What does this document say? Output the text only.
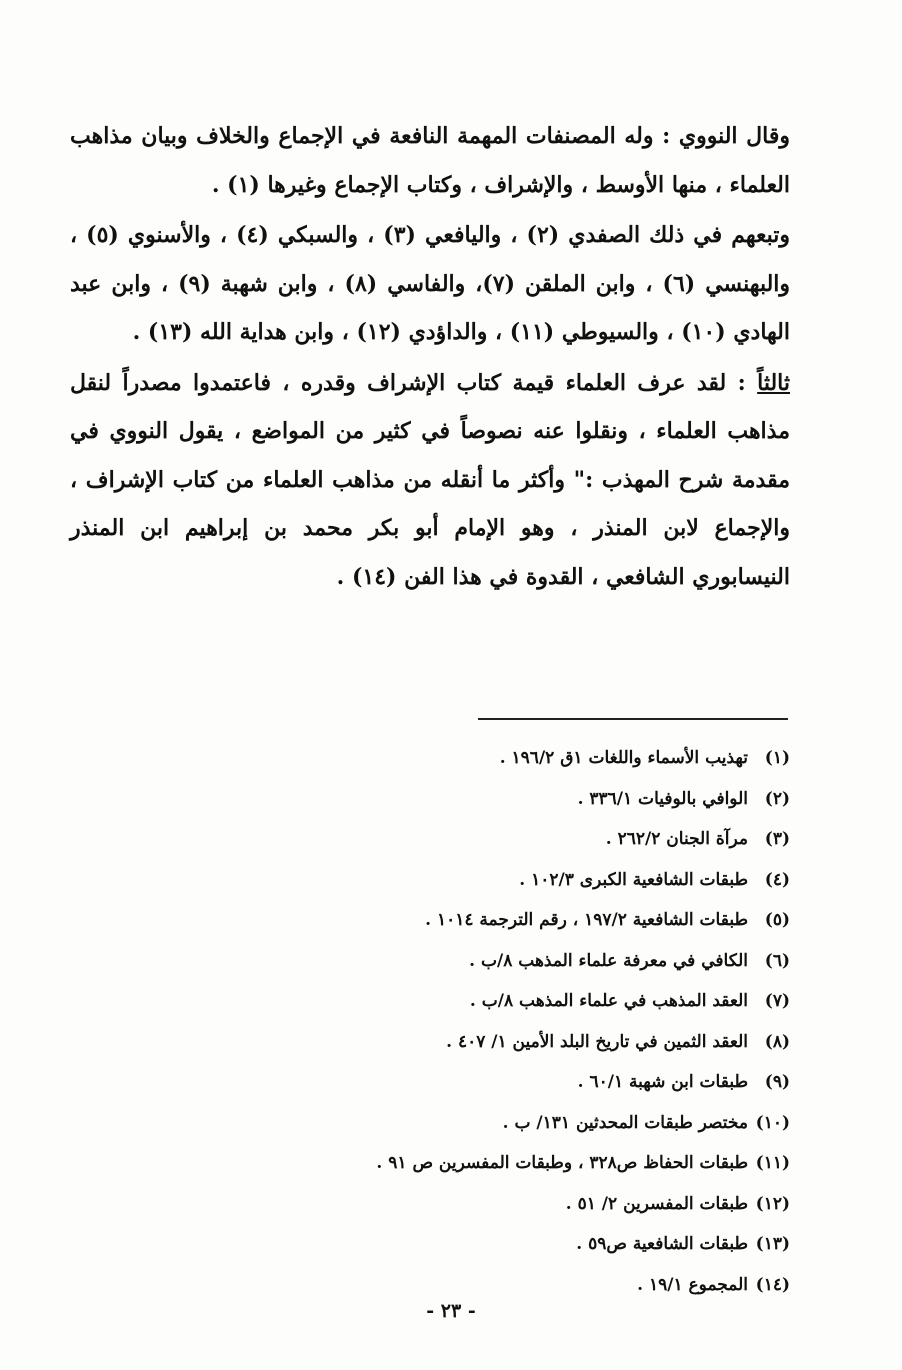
وقال النووي : وله المصنفات المهمة النافعة في الإجماع والخلاف وبيان مذاهب العلماء ، منها الأوسط ، والإشراف ، وكتاب الإجماع وغيرها (١) .

وتبعهم في ذلك الصفدي (٢) ، واليافعي (٣) ، والسبكي (٤) ، والأسنوي (٥) ، والبهنسي (٦) ، وابن الملقن (٧)، والفاسي (٨) ، وابن شهبة (٩) ، وابن عبد الهادي (١٠) ، والسيوطي (١١) ، والداؤدي (١٢) ، وابن هداية الله (١٣) .

ثالثاً : لقد عرف العلماء قيمة كتاب الإشراف وقدره ، فاعتمدوا مصدراً لنقل مذاهب العلماء ، ونقلوا عنه نصوصاً في كثير من المواضع ، يقول النووي في مقدمة شرح المهذب :" وأكثر ما أنقله من مذاهب العلماء من كتاب الإشراف ، والإجماع لابن المنذر ، وهو الإمام أبو بكر محمد بن إبراهيم ابن المنذر النيسابوري الشافعي ، القدوة في هذا الفن (١٤) .

(١)تهذيب الأسماء واللغات ١ق ١٩٦/٢ .
(٢)الوافي بالوفيات ٣٣٦/١ .
(٣)مرآة الجنان ٢٦٢/٢ .
(٤)طبقات الشافعية الكبرى ١٠٢/٣ .
(٥)طبقات الشافعية ١٩٧/٢ ، رقم الترجمة ١٠١٤ .
(٦)الكافي في معرفة علماء المذهب ٨/ب .
(٧)العقد المذهب في علماء المذهب ٨/ب .
(٨)العقد الثمين في تاريخ البلد الأمين ١/ ٤٠٧ .
(٩)طبقات ابن شهبة ٦٠/١ .
(١٠)مختصر طبقات المحدثين ١٣١/ ب .
(١١)طبقات الحفاظ ص٣٢٨ ، وطبقات المفسرين ص ٩١ .
(١٢)طبقات المفسرين ٢/ ٥١ .
(١٣)طبقات الشافعية ص٥٩ .
(١٤)المجموع ١٩/١ .
- ٢٣ -
